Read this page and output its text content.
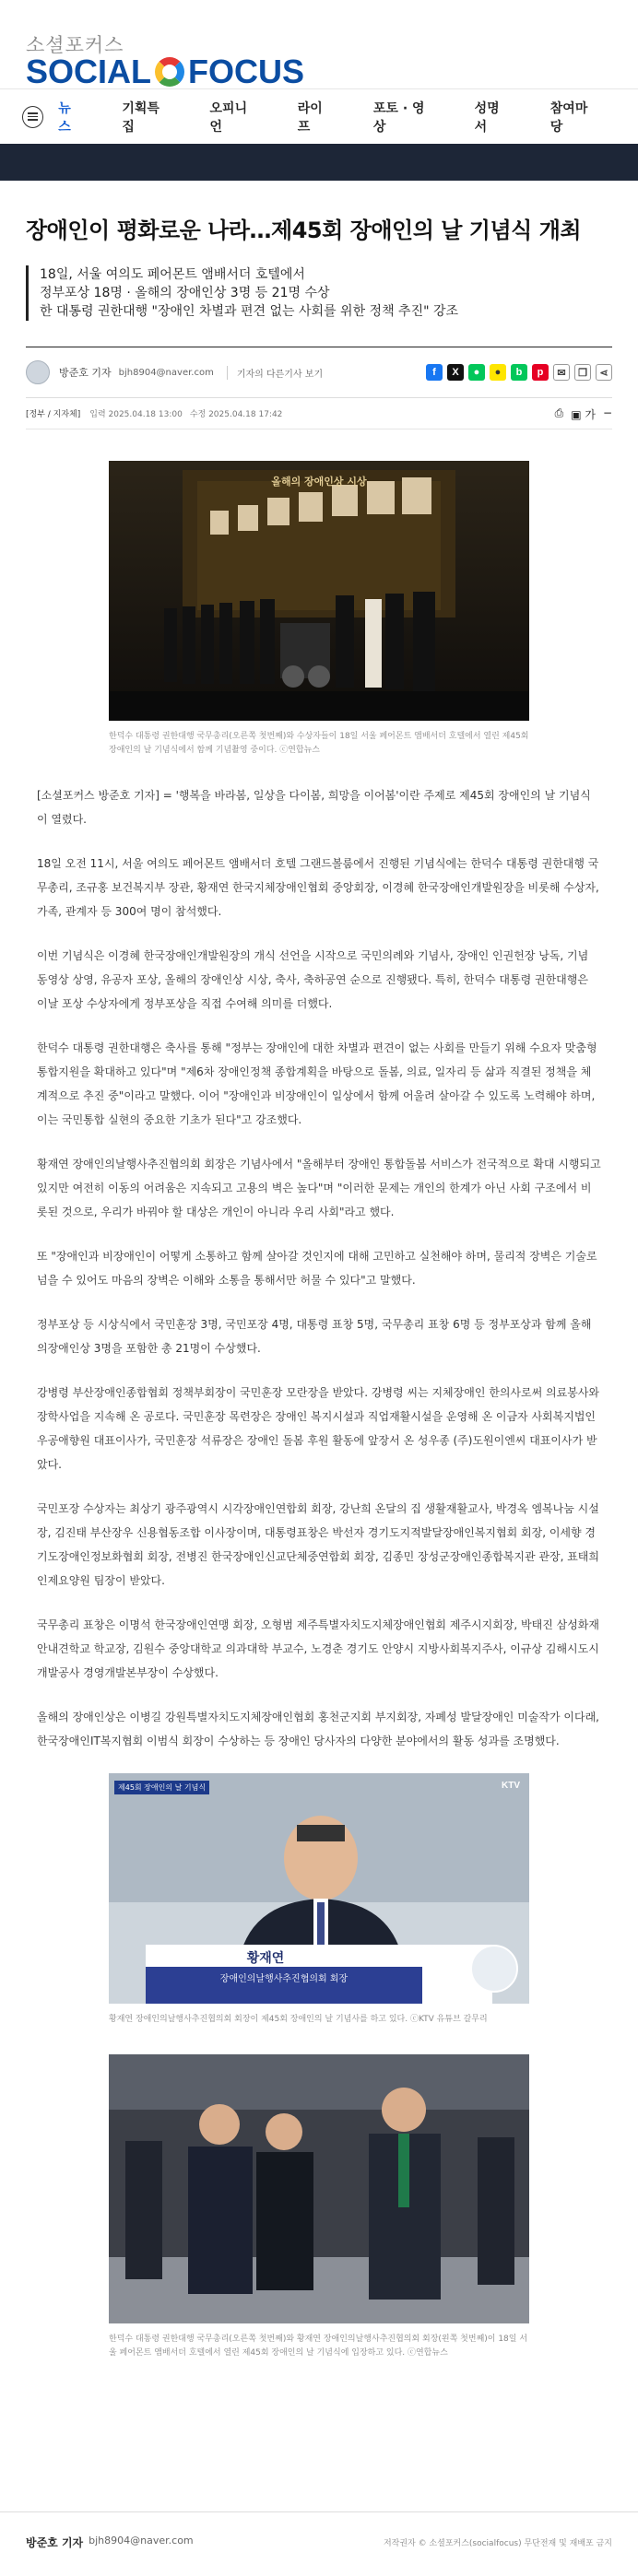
소셜포커스
SOCIAL FOCUS
뉴스
기획특집
오피니언
라이프
포토 · 영상
성명서
참여마당
장애인이 평화로운 나라…제45회 장애인의 날 기념식 개최

18일, 서울 여의도 페어몬트 앰배서더 호텔에서

정부포상 18명 · 올해의 장애인상 3명 등 21명 수상

한 대통령 권한대행 "장애인 차별과 편견 없는 사회를 위한 정책 추진" 강조

방준호 기자 bjh8904@naver.com	기자의 다른기사 보기	f	X	●	●	b	p	✉	❒	⋖
[정부 / 지자체] 입력 2025.04.18 13:00 수정 2025.04.18 17:42	⎙ ▣ 가 −
올해의 장애인상 시상
한덕수 대통령 권한대행 국무총리(오른쪽 첫번째)와 수상자들이 18일 서울 페어몬트 앰배서더 호텔에서 열린 제45회 장애인의 날 기념식에서 함께 기념촬영 중이다. ⓒ연합뉴스

[소셜포커스 방준호 기자] = '행복을 바라봄, 일상을 다이봄, 희망을 이어봄'이란 주제로 제45회 장애인의 날 기념식이 열렸다.

18일 오전 11시, 서울 여의도 페어몬트 앰배서더 호텔 그랜드볼룸에서 진행된 기념식에는 한덕수 대통령 권한대행 국무총리, 조규홍 보건복지부 장관, 황재연 한국지체장애인협회 중앙회장, 이경혜 한국장애인개발원장을 비롯해 수상자, 가족, 관계자 등 300여 명이 참석했다.

이번 기념식은 이경혜 한국장애인개발원장의 개식 선언을 시작으로 국민의례와 기념사, 장애인 인권헌장 낭독, 기념 동영상 상영, 유공자 포상, 올해의 장애인상 시상, 축사, 축하공연 순으로 진행됐다. 특히, 한덕수 대통령 권한대행은 이날 포상 수상자에게 정부포상을 직접 수여해 의미를 더했다.

한덕수 대통령 권한대행은 축사를 통해 "정부는 장애인에 대한 차별과 편견이 없는 사회를 만들기 위해 수요자 맞춤형 통합지원을 확대하고 있다"며 "제6차 장애인정책 종합계획을 바탕으로 돌봄, 의료, 일자리 등 삶과 직결된 정책을 체계적으로 추진 중"이라고 말했다. 이어 "장애인과 비장애인이 일상에서 함께 어울려 살아갈 수 있도록 노력해야 하며, 이는 국민통합 실현의 중요한 기초가 된다"고 강조했다.

황재연 장애인의날행사추진협의회 회장은 기념사에서 "올해부터 장애인 통합돌봄 서비스가 전국적으로 확대 시행되고 있지만 여전히 이동의 어려움은 지속되고 고용의 벽은 높다"며 "이러한 문제는 개인의 한계가 아닌 사회 구조에서 비롯된 것으로, 우리가 바꿔야 할 대상은 개인이 아니라 우리 사회"라고 했다.

또 "장애인과 비장애인이 어떻게 소통하고 함께 살아갈 것인지에 대해 고민하고 실천해야 하며, 물리적 장벽은 기술로 넘을 수 있어도 마음의 장벽은 이해와 소통을 통해서만 허물 수 있다"고 말했다.

정부포상 등 시상식에서 국민훈장 3명, 국민포장 4명, 대통령 표창 5명, 국무총리 표창 6명 등 정부포상과 함께 올해의장애인상 3명을 포함한 총 21명이 수상했다.

강병령 부산장애인종합협회 정책부회장이 국민훈장 모란장을 받았다. 강병령 씨는 지체장애인 한의사로써 의료봉사와 장학사업을 지속해 온 공로다. 국민훈장 목련장은 장애인 복지시설과 직업재활시설을 운영해 온 이금자 사회복지법인 우공애향원 대표이사가, 국민훈장 석류장은 장애인 돌봄 후원 활동에 앞장서 온 성우종 (주)도원이엔씨 대표이사가 받았다.

국민포장 수상자는 최상기 광주광역시 시각장애인연합회 회장, 강난희 온달의 집 생활재활교사, 박경옥 엠복나눔 시설장, 김진태 부산장우 신용협동조합 이사장이며, 대통령표창은 박선자 경기도지적발달장애인복지협회 회장, 이세향 경기도장애인정보화협회 회장, 전병진 한국장애인신교단체중연합회 회장, 김종민 장성군장애인종합복지관 관장, 표태희 인제요양원 팀장이 받았다.

국무총리 표창은 이명석 한국장애인연맹 회장, 오형범 제주특별자치도지체장애인협회 제주시지회장, 박태진 삼성화재안내견학교 학교장, 김원수 중앙대학교 의과대학 부교수, 노경춘 경기도 안양시 지방사회복지주사, 이규상 김해시도시개발공사 경영개발본부장이 수상했다.

올해의 장애인상은 이병길 강원특별자치도지체장애인협회 홍천군지회 부지회장, 자폐성 발달장애인 미술작가 이다래, 한국장애인IT복지협회 이범식 회장이 수상하는 등 장애인 당사자의 다양한 분야에서의 활동 성과를 조명했다.

제45회 장애인의 날 기념식	KTV
황재연
장애인의날행사추진협의회 회장
황재연 장애인의날행사추진협의회 회장이 제45회 장애인의 날 기념사를 하고 있다. ⓒKTV 유튜브 갈무리
한덕수 대통령 권한대행 국무총리(오른쪽 첫번째)와 황재연 장애인의날행사추진협의회 회장(왼쪽 첫번째)이 18일 서울 페어몬트 앰배서더 호텔에서 열린 제45회 장애인의 날 기념식에 입장하고 있다. ⓒ연합뉴스
방준호 기자 bjh8904@naver.com	저작권자 © 소셜포커스(socialfocus) 무단전재 및 재배포 금지
